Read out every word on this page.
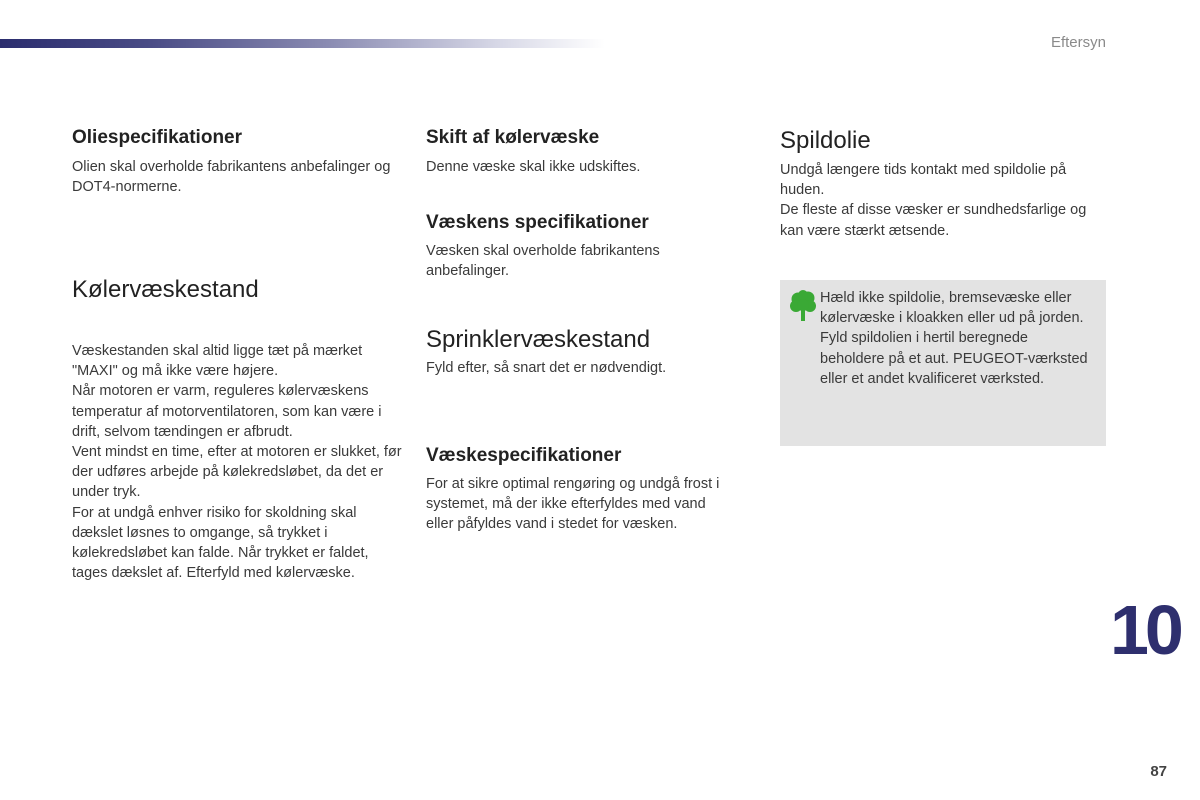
Eftersyn
Oliespecifikationer

Olien skal overholde fabrikantens anbefalinger og DOT4-normerne.

Kølervæskestand
Væskestanden skal altid ligge tæt på mærket "MAXI" og må ikke være højere.
Når motoren er varm, reguleres kølervæskens temperatur af motorventilatoren, som kan være i drift, selvom tændingen er afbrudt.
Vent mindst en time, efter at motoren er slukket, før der udføres arbejde på kølekredsløbet, da det er under tryk.
For at undgå enhver risiko for skoldning skal dækslet løsnes to omgange, så trykket i kølekredsløbet kan falde. Når trykket er faldet, tages dækslet af. Efterfyld med kølervæske.
Skift af kølervæske

Denne væske skal ikke udskiftes.

Væskens specifikationer

Væsken skal overholde fabrikantens anbefalinger.

Sprinklervæskestand

Fyld efter, så snart det er nødvendigt.

Væskespecifikationer

For at sikre optimal rengøring og undgå frost i systemet, må der ikke efterfyldes med vand eller påfyldes vand i stedet for væsken.

Spildolie
Undgå længere tids kontakt med spildolie på huden.
De fleste af disse væsker er sundhedsfarlige og kan være stærkt ætsende.
Hæld ikke spildolie, bremsevæske eller kølervæske i kloakken eller ud på jorden.
Fyld spildolien i hertil beregnede beholdere på et aut. PEUGEOT-værksted eller et andet kvalificeret værksted.
10
87
